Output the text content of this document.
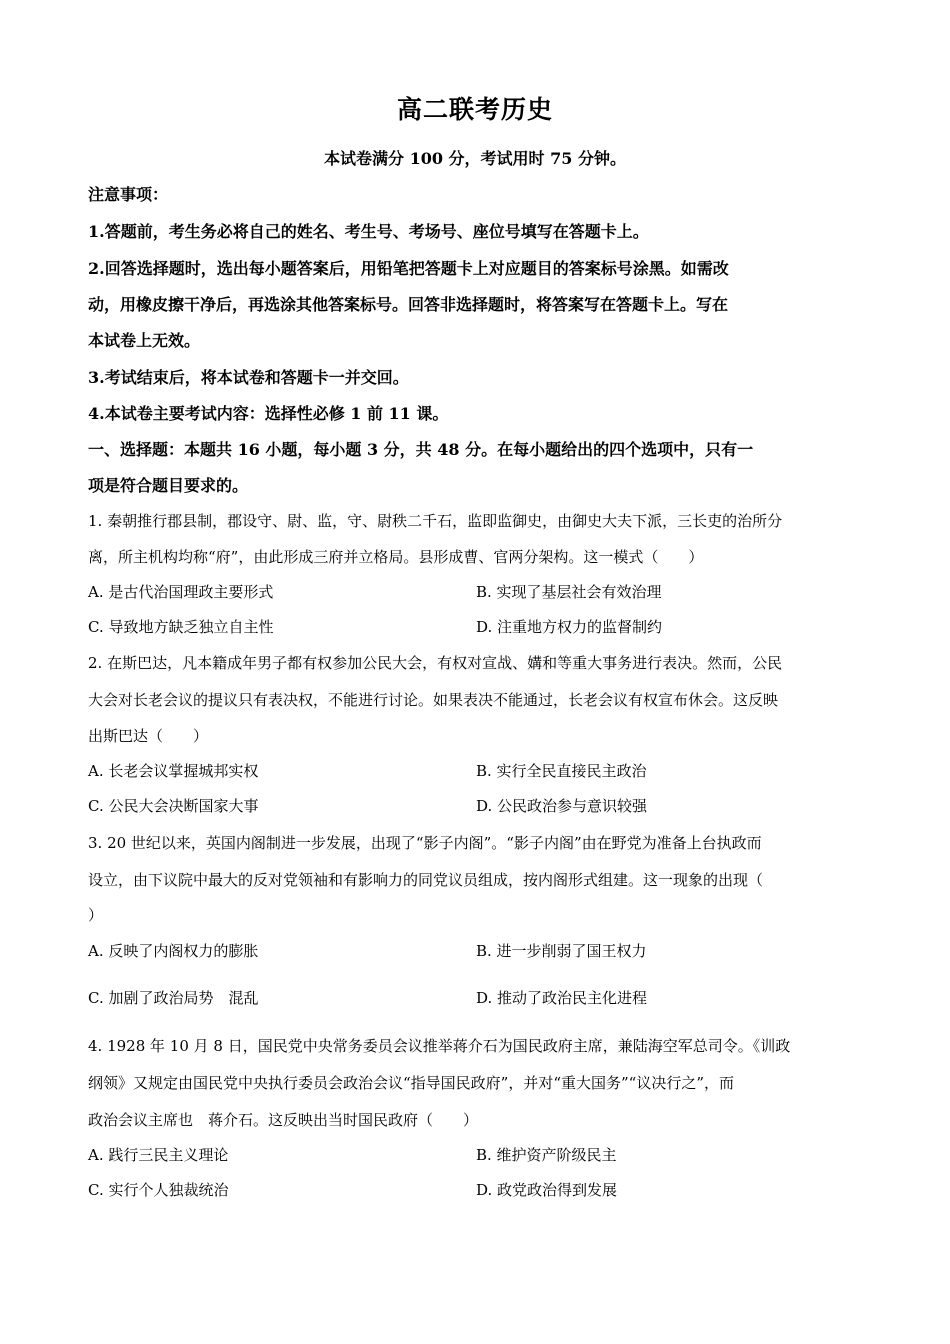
高二联考历史
本试卷满分 100 分，考试用时 75 分钟。
注意事项：
1.答题前，考生务必将自己的姓名、考生号、考场号、座位号填写在答题卡上。
2.回答选择题时，选出每小题答案后，用铅笔把答题卡上对应题目的答案标号涂黑。如需改
动，用橡皮擦干净后，再选涂其他答案标号。回答非选择题时，将答案写在答题卡上。写在
本试卷上无效。
3.考试结束后，将本试卷和答题卡一并交回。
4.本试卷主要考试内容：选择性必修 1 前 11 课。
一、选择题：本题共 16 小题，每小题 3 分，共 48 分。在每小题给出的四个选项中，只有一
项是符合题目要求的。
1. 秦朝推行郡县制，郡设守、尉、监，守、尉秩二千石，监即监御史，由御史大夫下派，三长吏的治所分
离，所主机构均称“府”，由此形成三府并立格局。县形成曹、官两分架构。这一模式（　　）
A. 是古代治国理政主要形式	B. 实现了基层社会有效治理
C. 导致地方缺乏独立自主性	D. 注重地方权力的监督制约
2. 在斯巴达，凡本籍成年男子都有权参加公民大会，有权对宣战、媾和等重大事务进行表决。然而，公民
大会对长老会议的提议只有表决权，不能进行讨论。如果表决不能通过，长老会议有权宣布休会。这反映
出斯巴达（　　）
A. 长老会议掌握城邦实权	B. 实行全民直接民主政治
C. 公民大会决断国家大事	D. 公民政治参与意识较强
3. 20 世纪以来，英国内阁制进一步发展，出现了“影子内阁”。“影子内阁”由在野党为准备上台执政而
设立，由下议院中最大的反对党领袖和有影响力的同党议员组成，按内阁形式组建。这一现象的出现（
）
A. 反映了内阁权力的膨胀	B. 进一步削弱了国王权力
C. 加剧了政治局势　混乱	D. 推动了政治民主化进程
4. 1928 年 10 月 8 日，国民党中央常务委员会议推举蒋介石为国民政府主席，兼陆海空军总司令。《训政
纲领》又规定由国民党中央执行委员会政治会议“指导国民政府”，并对“重大国务”“议决行之”，而
政治会议主席也　蒋介石。这反映出当时国民政府（　　）
A. 践行三民主义理论	B. 维护资产阶级民主
C. 实行个人独裁统治	D. 政党政治得到发展
